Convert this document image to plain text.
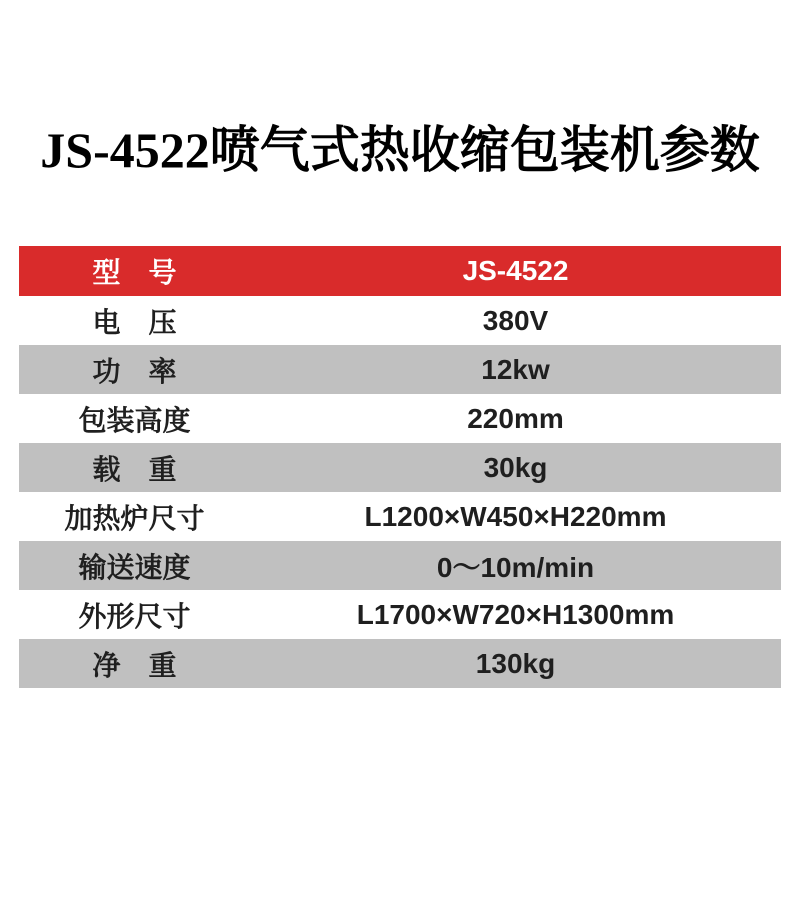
JS-4522喷气式热收缩包装机参数
型　号	JS-4522
电　压	380V
功　率	12kw
包装高度	220mm
载　重	30kg
加热炉尺寸	L1200×W450×H220mm
输送速度	0～10m/min
外形尺寸	L1700×W720×H1300mm
净　重	130kg
